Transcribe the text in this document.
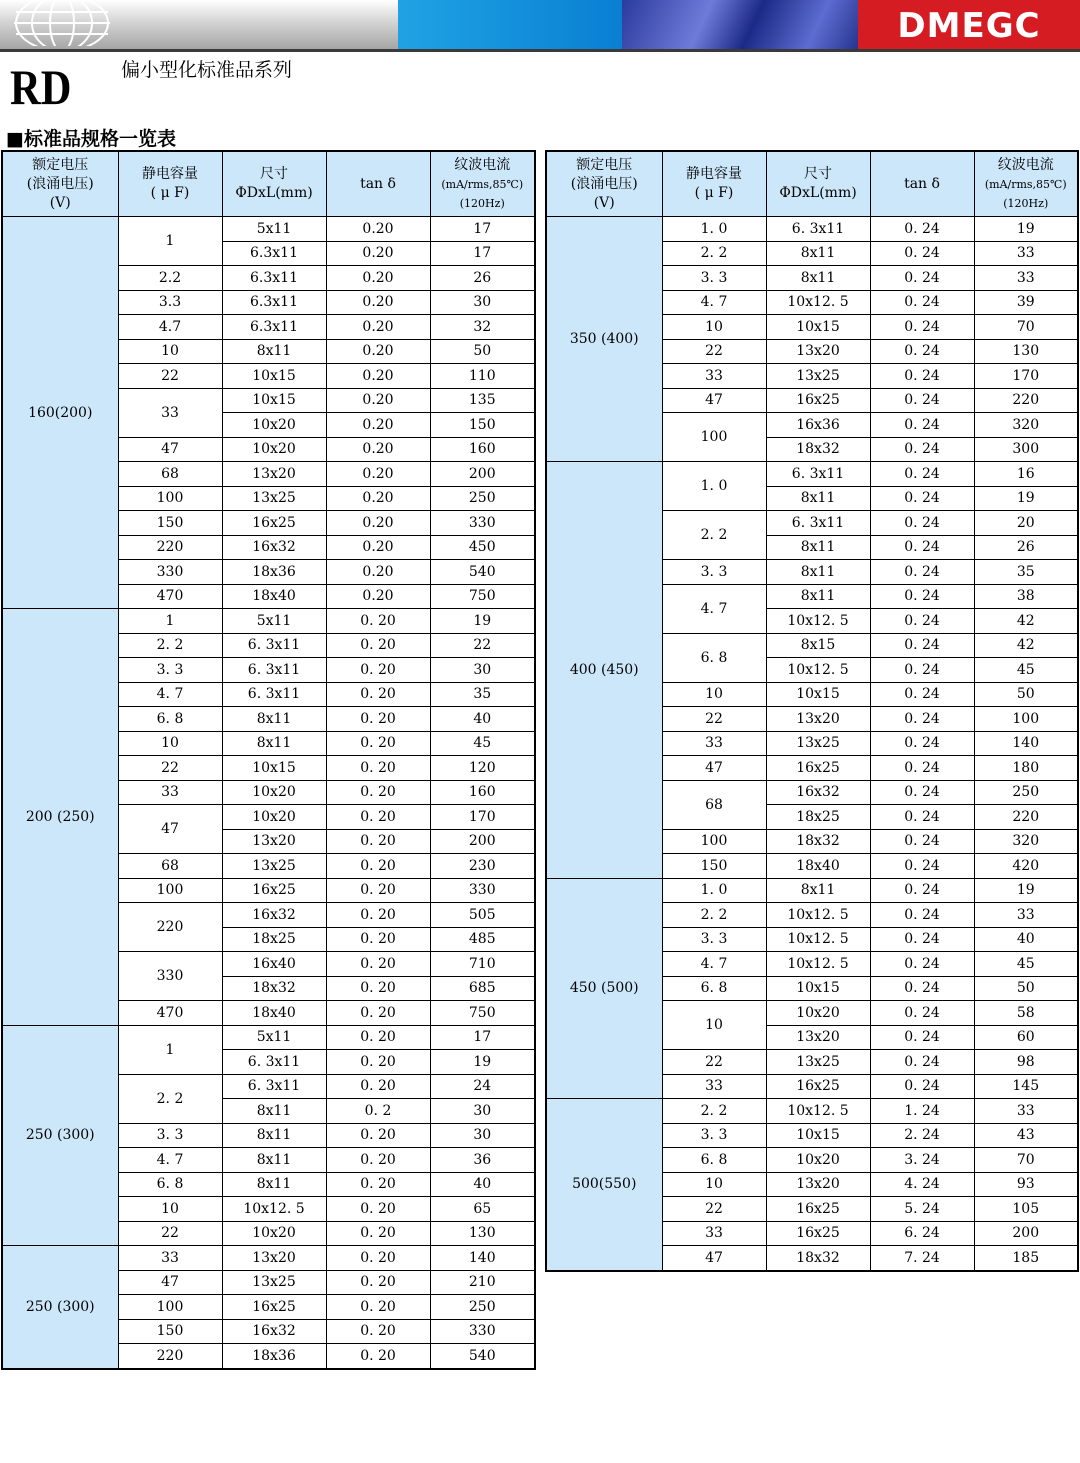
DMEGC
RD	偏小型化标准品系列
■标准品规格一览表
额定电压
(浪涌电压)
(V)	静电容量
( μ F)	尺寸
ΦDxL(mm)	tan δ	纹波电流
(mA/rms,85℃)
(120Hz)
160(200)	1	5x11	0.20	17
		6.3x11	0.20	17
	2.2	6.3x11	0.20	26
	3.3	6.3x11	0.20	30
	4.7	6.3x11	0.20	32
	10	8x11	0.20	50
	22	10x15	0.20	110
	33	10x15	0.20	135
		10x20	0.20	150
	47	10x20	0.20	160
	68	13x20	0.20	200
	100	13x25	0.20	250
	150	16x25	0.20	330
	220	16x32	0.20	450
	330	18x36	0.20	540
	470	18x40	0.20	750
200 (250)	1	5x11	0. 20	19
	2. 2	6. 3x11	0. 20	22
	3. 3	6. 3x11	0. 20	30
	4. 7	6. 3x11	0. 20	35
	6. 8	8x11	0. 20	40
	10	8x11	0. 20	45
	22	10x15	0. 20	120
	33	10x20	0. 20	160
	47	10x20	0. 20	170
		13x20	0. 20	200
	68	13x25	0. 20	230
	100	16x25	0. 20	330
	220	16x32	0. 20	505
		18x25	0. 20	485
	330	16x40	0. 20	710
		18x32	0. 20	685
	470	18x40	0. 20	750
250 (300)	1	5x11	0. 20	17
		6. 3x11	0. 20	19
	2. 2	6. 3x11	0. 20	24
		8x11	0. 2	30
	3. 3	8x11	0. 20	30
	4. 7	8x11	0. 20	36
	6. 8	8x11	0. 20	40
	10	10x12. 5	0. 20	65
	22	10x20	0. 20	130
250 (300)	33	13x20	0. 20	140
	47	13x25	0. 20	210
	100	16x25	0. 20	250
	150	16x32	0. 20	330
	220	18x36	0. 20	540
额定电压
(浪涌电压)
(V)	静电容量
( μ F)	尺寸
ΦDxL(mm)	tan δ	纹波电流
(mA/rms,85℃)
(120Hz)
350 (400)	1. 0	6. 3x11	0. 24	19
	2. 2	8x11	0. 24	33
	3. 3	8x11	0. 24	33
	4. 7	10x12. 5	0. 24	39
	10	10x15	0. 24	70
	22	13x20	0. 24	130
	33	13x25	0. 24	170
	47	16x25	0. 24	220
	100	16x36	0. 24	320
		18x32	0. 24	300
400 (450)	1. 0	6. 3x11	0. 24	16
		8x11	0. 24	19
	2. 2	6. 3x11	0. 24	20
		8x11	0. 24	26
	3. 3	8x11	0. 24	35
	4. 7	8x11	0. 24	38
		10x12. 5	0. 24	42
	6. 8	8x15	0. 24	42
		10x12. 5	0. 24	45
	10	10x15	0. 24	50
	22	13x20	0. 24	100
	33	13x25	0. 24	140
	47	16x25	0. 24	180
	68	16x32	0. 24	250
		18x25	0. 24	220
	100	18x32	0. 24	320
	150	18x40	0. 24	420
450 (500)	1. 0	8x11	0. 24	19
	2. 2	10x12. 5	0. 24	33
	3. 3	10x12. 5	0. 24	40
	4. 7	10x12. 5	0. 24	45
	6. 8	10x15	0. 24	50
	10	10x20	0. 24	58
		13x20	0. 24	60
	22	13x25	0. 24	98
	33	16x25	0. 24	145
500(550)	2. 2	10x12. 5	1. 24	33
	3. 3	10x15	2. 24	43
	6. 8	10x20	3. 24	70
	10	13x20	4. 24	93
	22	16x25	5. 24	105
	33	16x25	6. 24	200
	47	18x32	7. 24	185
